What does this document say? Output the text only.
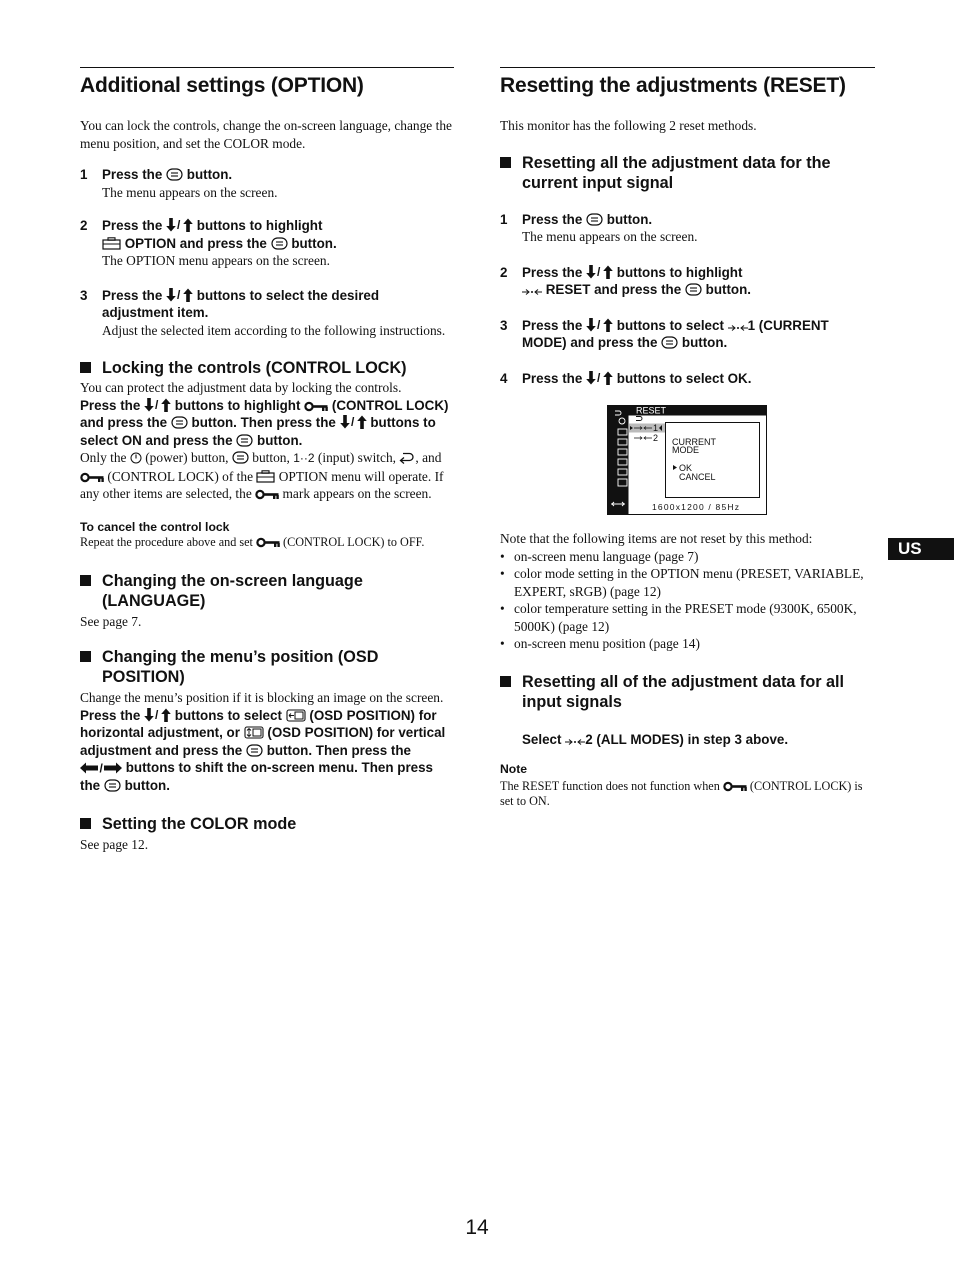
Additional settings (OPTION)

You can lock the controls, change the on-screen language, change the menu position, and set the COLOR mode.

1	Press the button.
The menu appears on the screen.
2	Press the / buttons to highlight
OPTION and press the button.
The OPTION menu appears on the screen.
3	Press the / buttons to select the desired adjustment item.
Adjust the selected item according to the following instructions.
Locking the controls (CONTROL LOCK)
You can protect the adjustment data by locking the controls.
Press the / buttons to highlight (CONTROL LOCK) and press the button. Then press the / buttons to select ON and press the button.
Only the (power) button, button, 1··2 (input) switch, , and  (CONTROL LOCK) of the OPTION menu will operate. If any other items are selected, the mark appears on the screen.
To cancel the control lock
Repeat the procedure above and set (CONTROL LOCK) to OFF.
Changing the on-screen language (LANGUAGE)
See page 7.
Changing the menu’s position (OSD POSITION)
Change the menu’s position if it is blocking an image on the screen.
Press the / buttons to select (OSD POSITION) for horizontal adjustment, or (OSD POSITION) for vertical adjustment and press the button. Then press the
/ buttons to shift the on-screen menu. Then press the button.
Setting the COLOR mode
See page 12.
Resetting the adjustments (RESET)

This monitor has the following 2 reset methods.

Resetting all the adjustment data for the current input signal
1	Press the button.
The menu appears on the screen.
2	Press the / buttons to highlight
RESET and press the button.
3	Press the / buttons to select 1 (CURRENT MODE) and press the button.
4	Press the / buttons to select OK.
RESET
1
2 CURRENT
MODE
OK
CANCEL
1600x1200 / 85Hz
Note that the following items are not reset by this method:
• on-screen menu language (page 7)
• color mode setting in the OPTION menu (PRESET, VARIABLE, EXPERT, sRGB) (page 12)
• color temperature setting in the PRESET mode (9300K, 6500K, 5000K) (page 12)
• on-screen menu position (page 14)
Resetting all of the adjustment data for all input signals
Select 2 (ALL MODES) in step 3 above.
Note
The RESET function does not function when (CONTROL LOCK) is set to ON.
US
14
